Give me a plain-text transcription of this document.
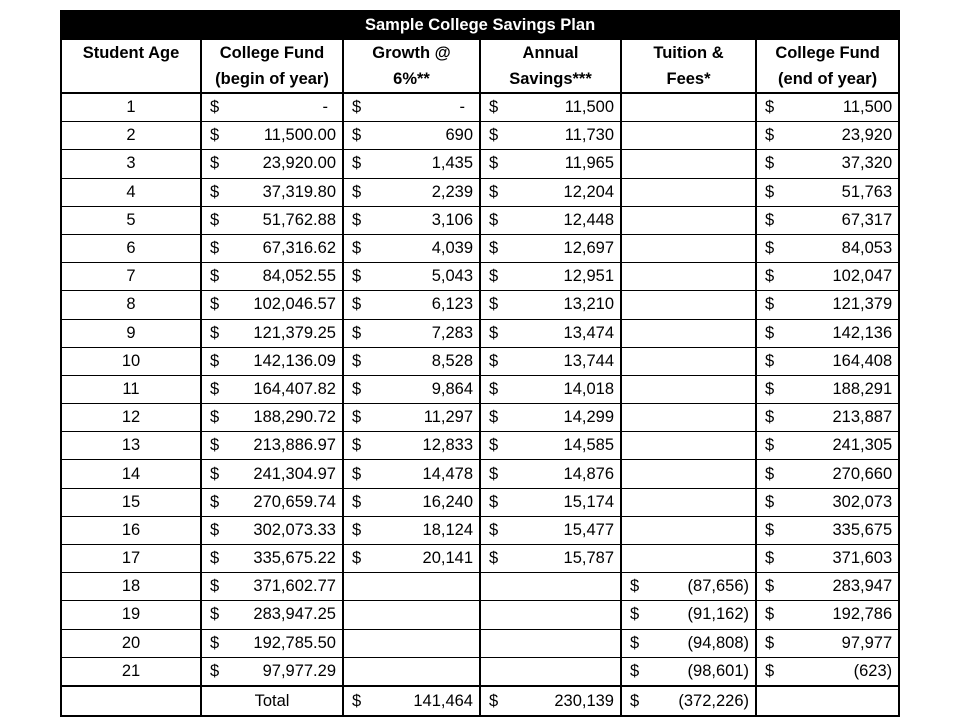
Sample College Savings Plan										
Student Age	College Fund		Growth @		Annual		Tuition &		College Fund	
	(begin of year)		6%**		Savings***		Fees*		(end of year)	
1	$	-	$	-	$	11,500			$	11,500
2	$	11,500.00	$	690	$	11,730			$	23,920
3	$	23,920.00	$	1,435	$	11,965			$	37,320
4	$	37,319.80	$	2,239	$	12,204			$	51,763
5	$	51,762.88	$	3,106	$	12,448			$	67,317
6	$	67,316.62	$	4,039	$	12,697			$	84,053
7	$	84,052.55	$	5,043	$	12,951			$	102,047
8	$	102,046.57	$	6,123	$	13,210			$	121,379
9	$	121,379.25	$	7,283	$	13,474			$	142,136
10	$	142,136.09	$	8,528	$	13,744			$	164,408
11	$	164,407.82	$	9,864	$	14,018			$	188,291
12	$	188,290.72	$	11,297	$	14,299			$	213,887
13	$	213,886.97	$	12,833	$	14,585			$	241,305
14	$	241,304.97	$	14,478	$	14,876			$	270,660
15	$	270,659.74	$	16,240	$	15,174			$	302,073
16	$	302,073.33	$	18,124	$	15,477			$	335,675
17	$	335,675.22	$	20,141	$	15,787			$	371,603
18	$	371,602.77					$	(87,656)	$	283,947
19	$	283,947.25					$	(91,162)	$	192,786
20	$	192,785.50					$	(94,808)	$	97,977
21	$	97,977.29					$	(98,601)	$	(623)
	Total		$	141,464	$	230,139	$	(372,226)		
